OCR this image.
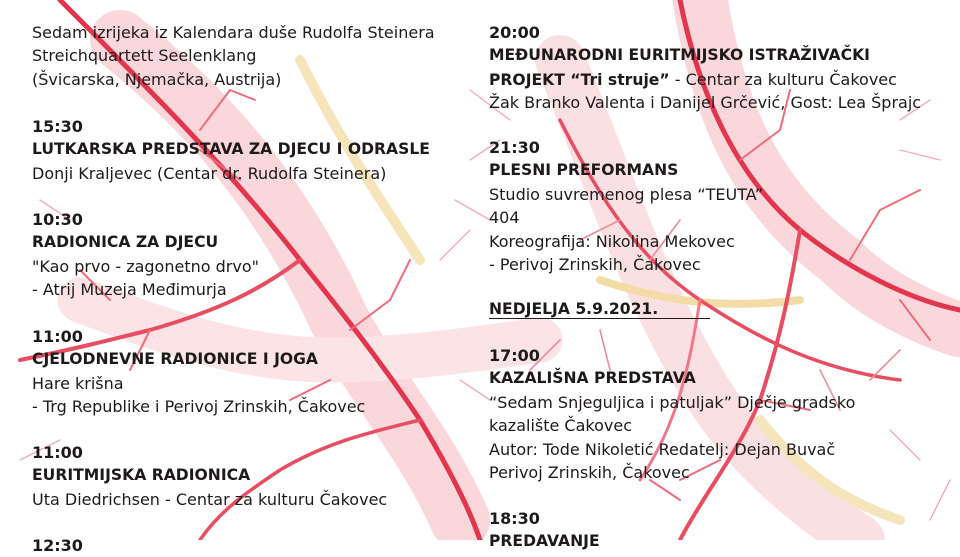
Sedam izrijeka iz Kalendara duše Rudolfa Steinera
Streichquartett Seelenklang
(Švicarska, Njemačka, Austrija)
15:30
LUTKARSKA PREDSTAVA ZA DJECU I ODRASLE
Donji Kraljevec (Centar dr. Rudolfa Steinera)
10:30
RADIONICA ZA DJECU
"Kao prvo - zagonetno drvo"
- Atrij Muzeja Međimurja
11:00
CJELODNEVNE RADIONICE I JOGA
Hare krišna
- Trg Republike i Perivoj Zrinskih, Čakovec
11:00
EURITMIJSKA RADIONICA
Uta Diedrichsen - Centar za kulturu Čakovec
12:30
20:00
MEĐUNARODNI EURITMIJSKO ISTRAŽIVAČKI
PROJEKT “Tri struje” - Centar za kulturu Čakovec
Žak Branko Valenta i Danijel Grčević, Gost: Lea Šprajc
21:30
PLESNI PREFORMANS
Studio suvremenog plesa “TEUTA”
404
Koreografija: Nikolina Mekovec
- Perivoj Zrinskih, Čakovec
NEDJELJA 5.9.2021.
17:00
KAZALIŠNA PREDSTAVA
“Sedam Snjeguljica i patuljak” Dječje gradsko
kazalište Čakovec
Autor: Tode Nikoletić Redatelj: Dejan Buvač
Perivoj Zrinskih, Čakovec
18:30
PREDAVANJE
